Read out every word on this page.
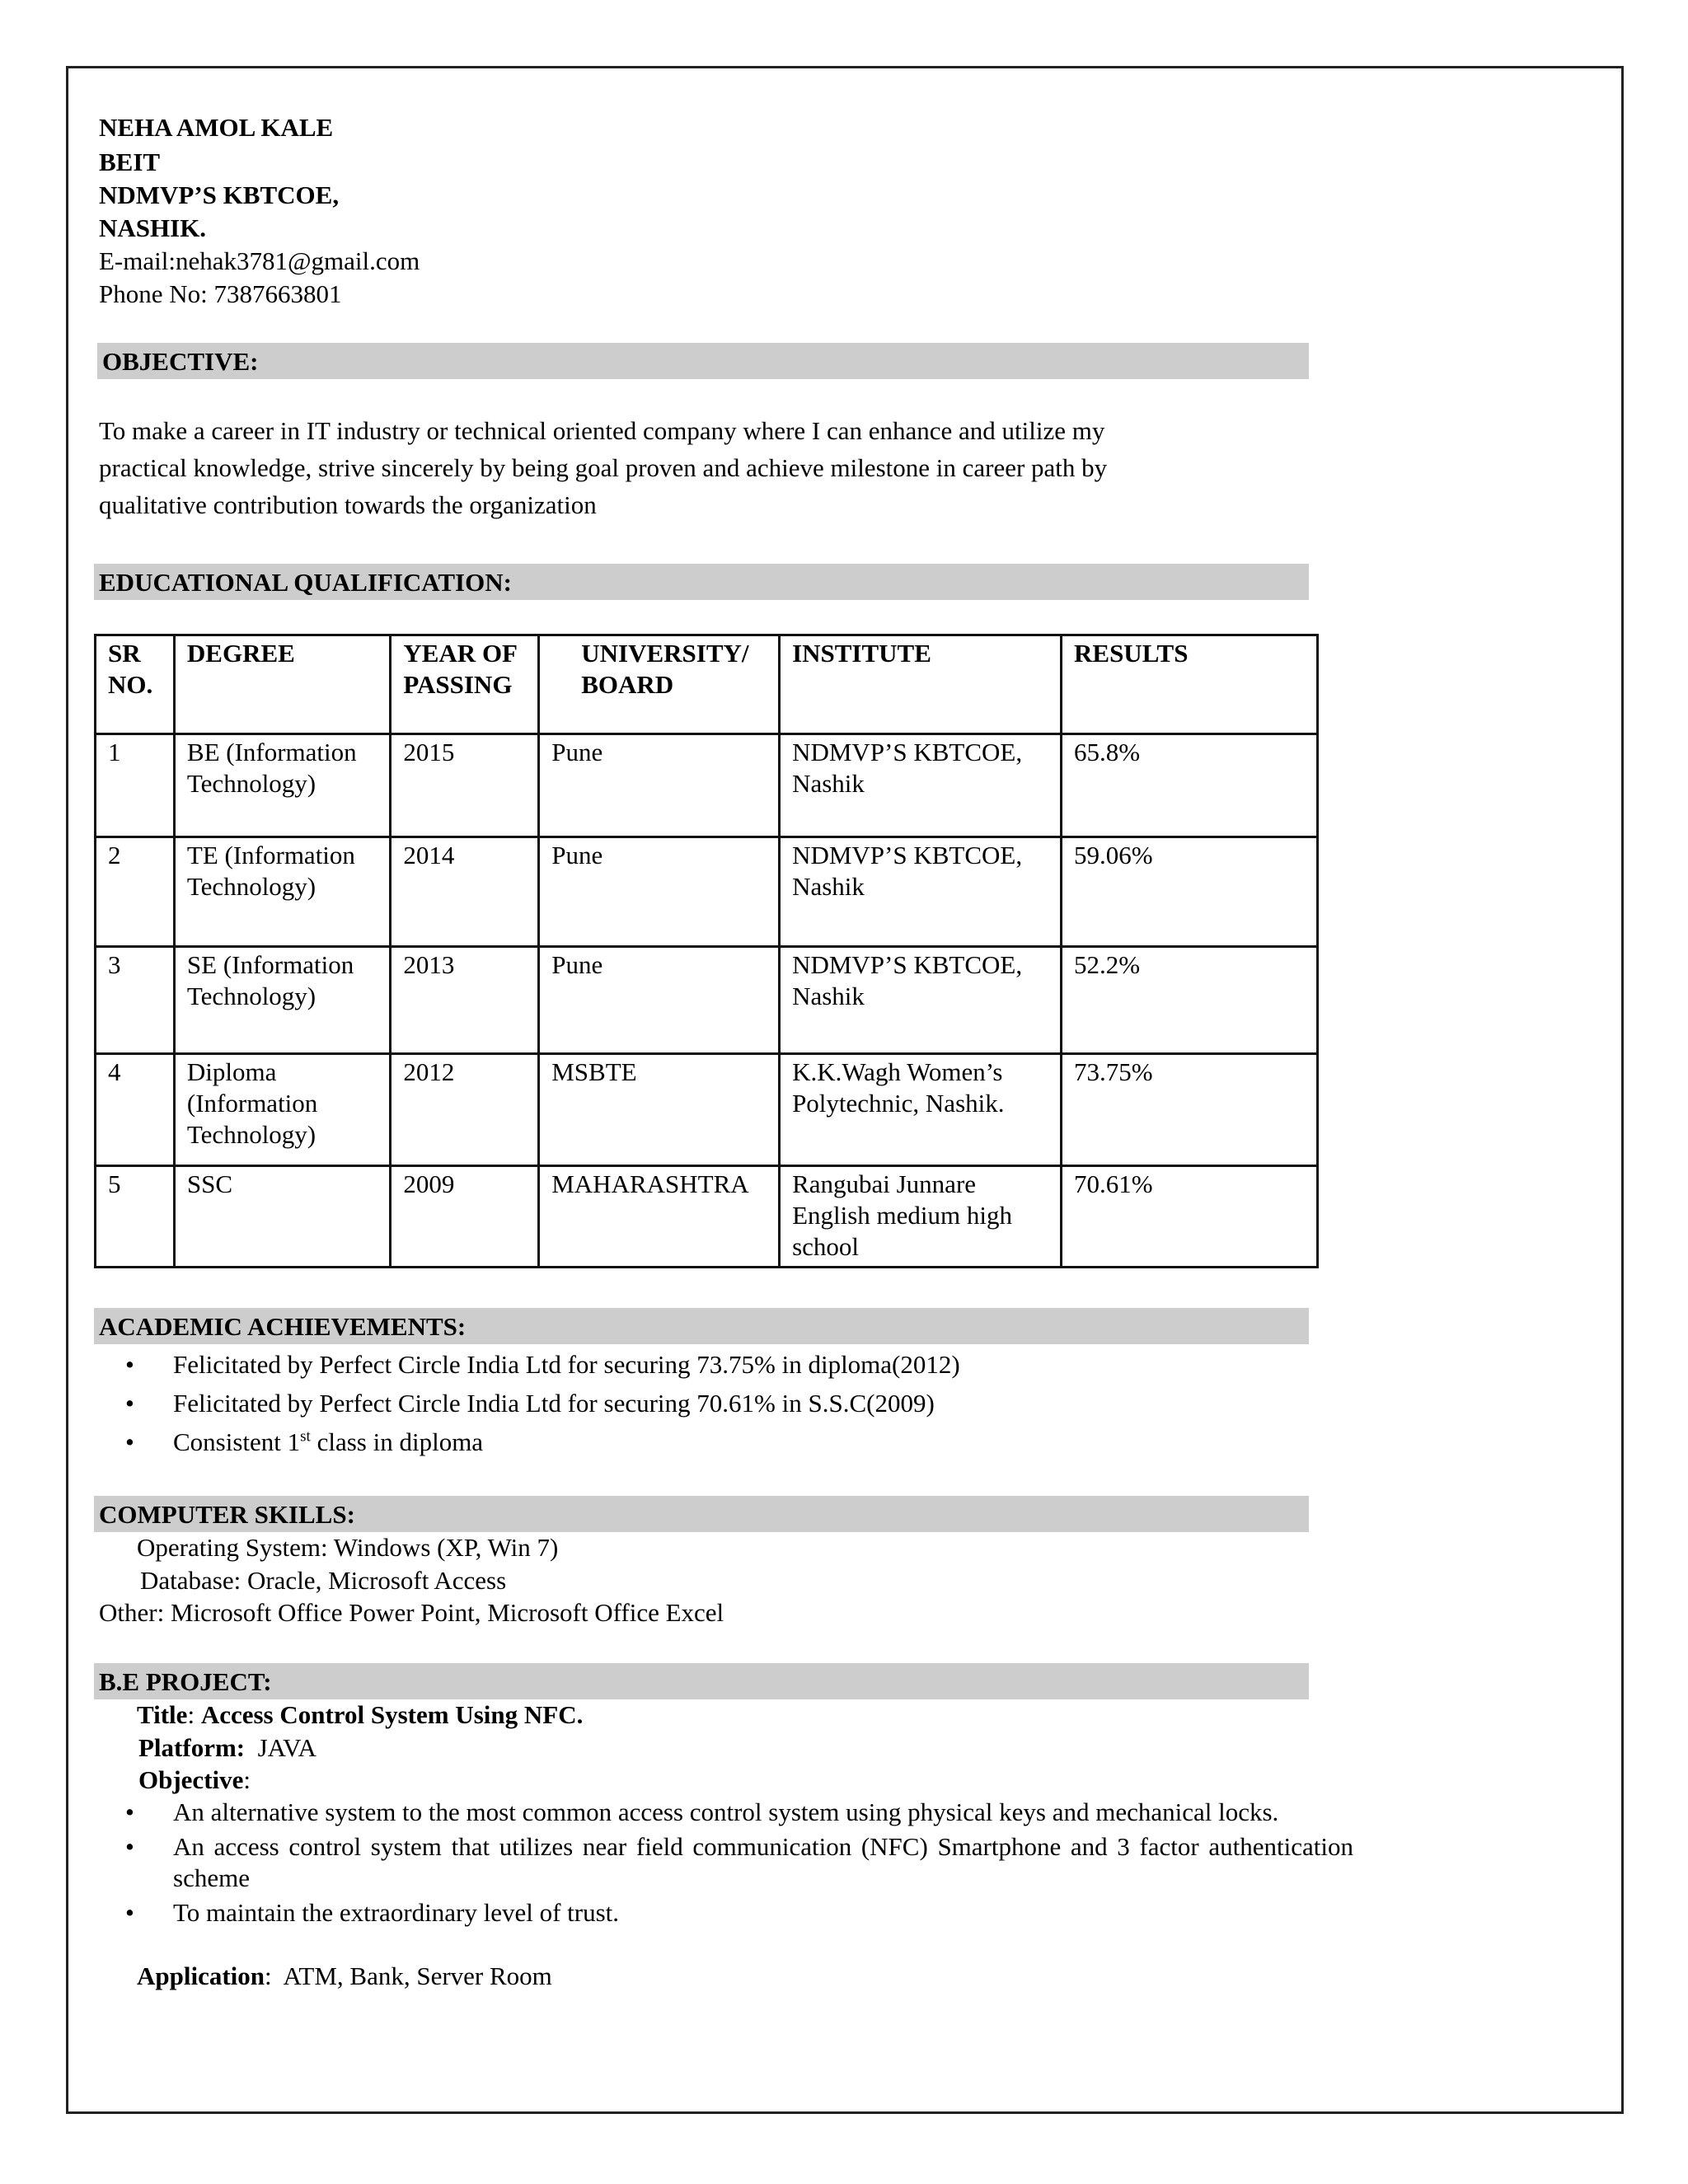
NEHA AMOL KALE
BEIT
NDMVP’S KBTCOE,
NASHIK.
E-mail:nehak3781@gmail.com
Phone No: 7387663801
OBJECTIVE:
To make a career in IT industry or technical oriented company where I can enhance and utilize my
practical knowledge, strive sincerely by being goal proven and achieve milestone in career path by
qualitative contribution towards the organization
EDUCATIONAL QUALIFICATION:
SR NO.	DEGREE	YEAR OF PASSING	UNIVERSITY/ BOARD	INSTITUTE	RESULTS
1	BE (Information Technology)	2015	Pune	NDMVP’S KBTCOE, Nashik	65.8%
2	TE (Information Technology)	2014	Pune	NDMVP’S KBTCOE, Nashik	59.06%
3	SE (Information Technology)	2013	Pune	NDMVP’S KBTCOE, Nashik	52.2%
4	Diploma (Information Technology)	2012	MSBTE	K.K.Wagh Women’s Polytechnic, Nashik.	73.75%
5	SSC	2009	MAHARASHTRA	Rangubai Junnare English medium high school	70.61%
ACADEMIC ACHIEVEMENTS:
• Felicitated by Perfect Circle India Ltd for securing 73.75% in diploma(2012)
• Felicitated by Perfect Circle India Ltd for securing 70.61% in S.S.C(2009)
• Consistent 1st class in diploma
COMPUTER SKILLS:
Operating System: Windows (XP, Win 7)
Database: Oracle, Microsoft Access
Other: Microsoft Office Power Point, Microsoft Office Excel
B.E PROJECT:
Title: Access Control System Using NFC.
Platform: JAVA
Objective:
• An alternative system to the most common access control system using physical keys and mechanical locks.
• An access control system that utilizes near field communication (NFC) Smartphone and 3 factor authentication scheme
• To maintain the extraordinary level of trust.
Application:  ATM, Bank, Server Room
